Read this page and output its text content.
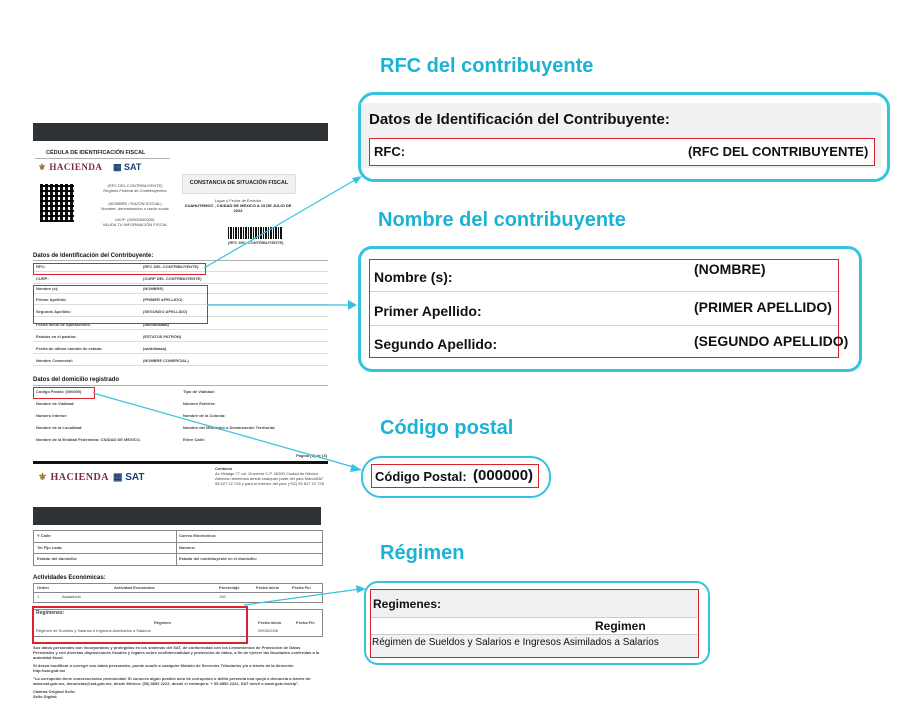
CÉDULA DE IDENTIFICACIÓN FISCAL
⚜ HACIENDA ▦ SAT
(RFC DEL CONTRIBUYENTE)
Registro Federal de Contribuyentes
(NOMBRE / RAZON SOCIAL)
Nombre, denominación o razón social
idCIF: (00000000000)
VALIDA TU INFORMACIÓN FISCAL
CONSTANCIA DE SITUACIÓN FISCAL
Lugar y Fecha de Emisión
CUAHUTEMOC , CIUDAD DE MEXICO A 19 DE JULIO DE 2023
(RFC DEL CONTRIBUYENTE)
Datos de Identificación del Contribuyente:
RFC:	(RFC DEL CONTRIBUYENTE)
CURP:	(CURP DEL CONTRIBUYENTE)
Nombre (s):	(NOMBRE)
Primer Apellido:	(PRIMER APELLIDO)
Segundo Apellido:	(SEGUNDO APELLIDO)
Fecha inicio de operaciones:	(dd/mm/aaaa)
Estatus en el padrón:	(ESTATUS PATRÓN)
Fecha de último cambio de estado:	(aa/dd/aaaa)
Nombre Comercial:	(NOMBRE COMERCIAL)
Datos del domicilio registrado
Código Postal: (000000)
Nombre de Vialidad:
Número Interior:
Nombre de la Localidad:
Nombre de la Entidad Federativa: CIUDAD DE MEXICO.
Tipo de Vialidad:
Número Exterior:
Nombre de la Colonia:
Nombre del Municipio o Demarcación Territorial:
Entre Calle:
Página [1] de [3]
⚜ HACIENDA ▦ SAT
Contacto
Av Hidalgo 77 col. Guerrero C.P. 06300 Ciudad de México. Atención telefónica desde cualquier parte del país MarcaSAT 55 627 22 728 y para el exterior del país (+52) 55 627 22 728
Y Calle:	Correo Electrónico:
Tel Fijo Lada:	Número:
Estado del domicilio:	Estado del contribuyente en el domicilio:
Actividades Económicas:
Orden	Actividad Económica	Porcentaje	Fecha Inicio	Fecha Fin
1	Asalariado	100
Regímenes:
Régimen	Fecha Inicio	Fecha Fin
Régimen de Sueldos y Salarios e Ingresos Asimilados a Salarios	09/05/2006
Sus datos personales son incorporados y protegidos en los sistemas del SAT, de conformidad con los Lineamientos de Protección de Datos Personales y con diversas disposiciones fiscales y legales sobre confidencialidad y protección de datos, a fin de ejercer las facultades conferidas a la autoridad fiscal.
Si desea modificar o corregir sus datos personales, puede acudir a cualquier Módulo de Servicios Tributarios y/o a través de la dirección http://sat.gob.mx
"La corrupción tiene consecuencias ¡denúncialo! Si conoces algún posible acto de corrupción o delito presenta una queja o denuncia a través de: www.sat.gob.mx, denuncias@sat.gob.mx, desde México: (55) 8852 2222, desde el extranjero: + 55 8852 2222, SAT móvil o www.gob.mx/sfp".
Cadena Original Sello:
Sello Digital:
RFC del contribuyente
Datos de Identificación del Contribuyente:
RFC:	(RFC DEL CONTRIBUYENTE)
Nombre del contribuyente
Nombre (s):	(NOMBRE)
Primer Apellido:	(PRIMER APELLIDO)
Segundo Apellido:	(SEGUNDO APELLIDO)
Código postal
Código Postal: (000000)
Régimen
Regimenes:
Regimen
Régimen de Sueldos y Salarios e Ingresos Asimilados a Salarios
